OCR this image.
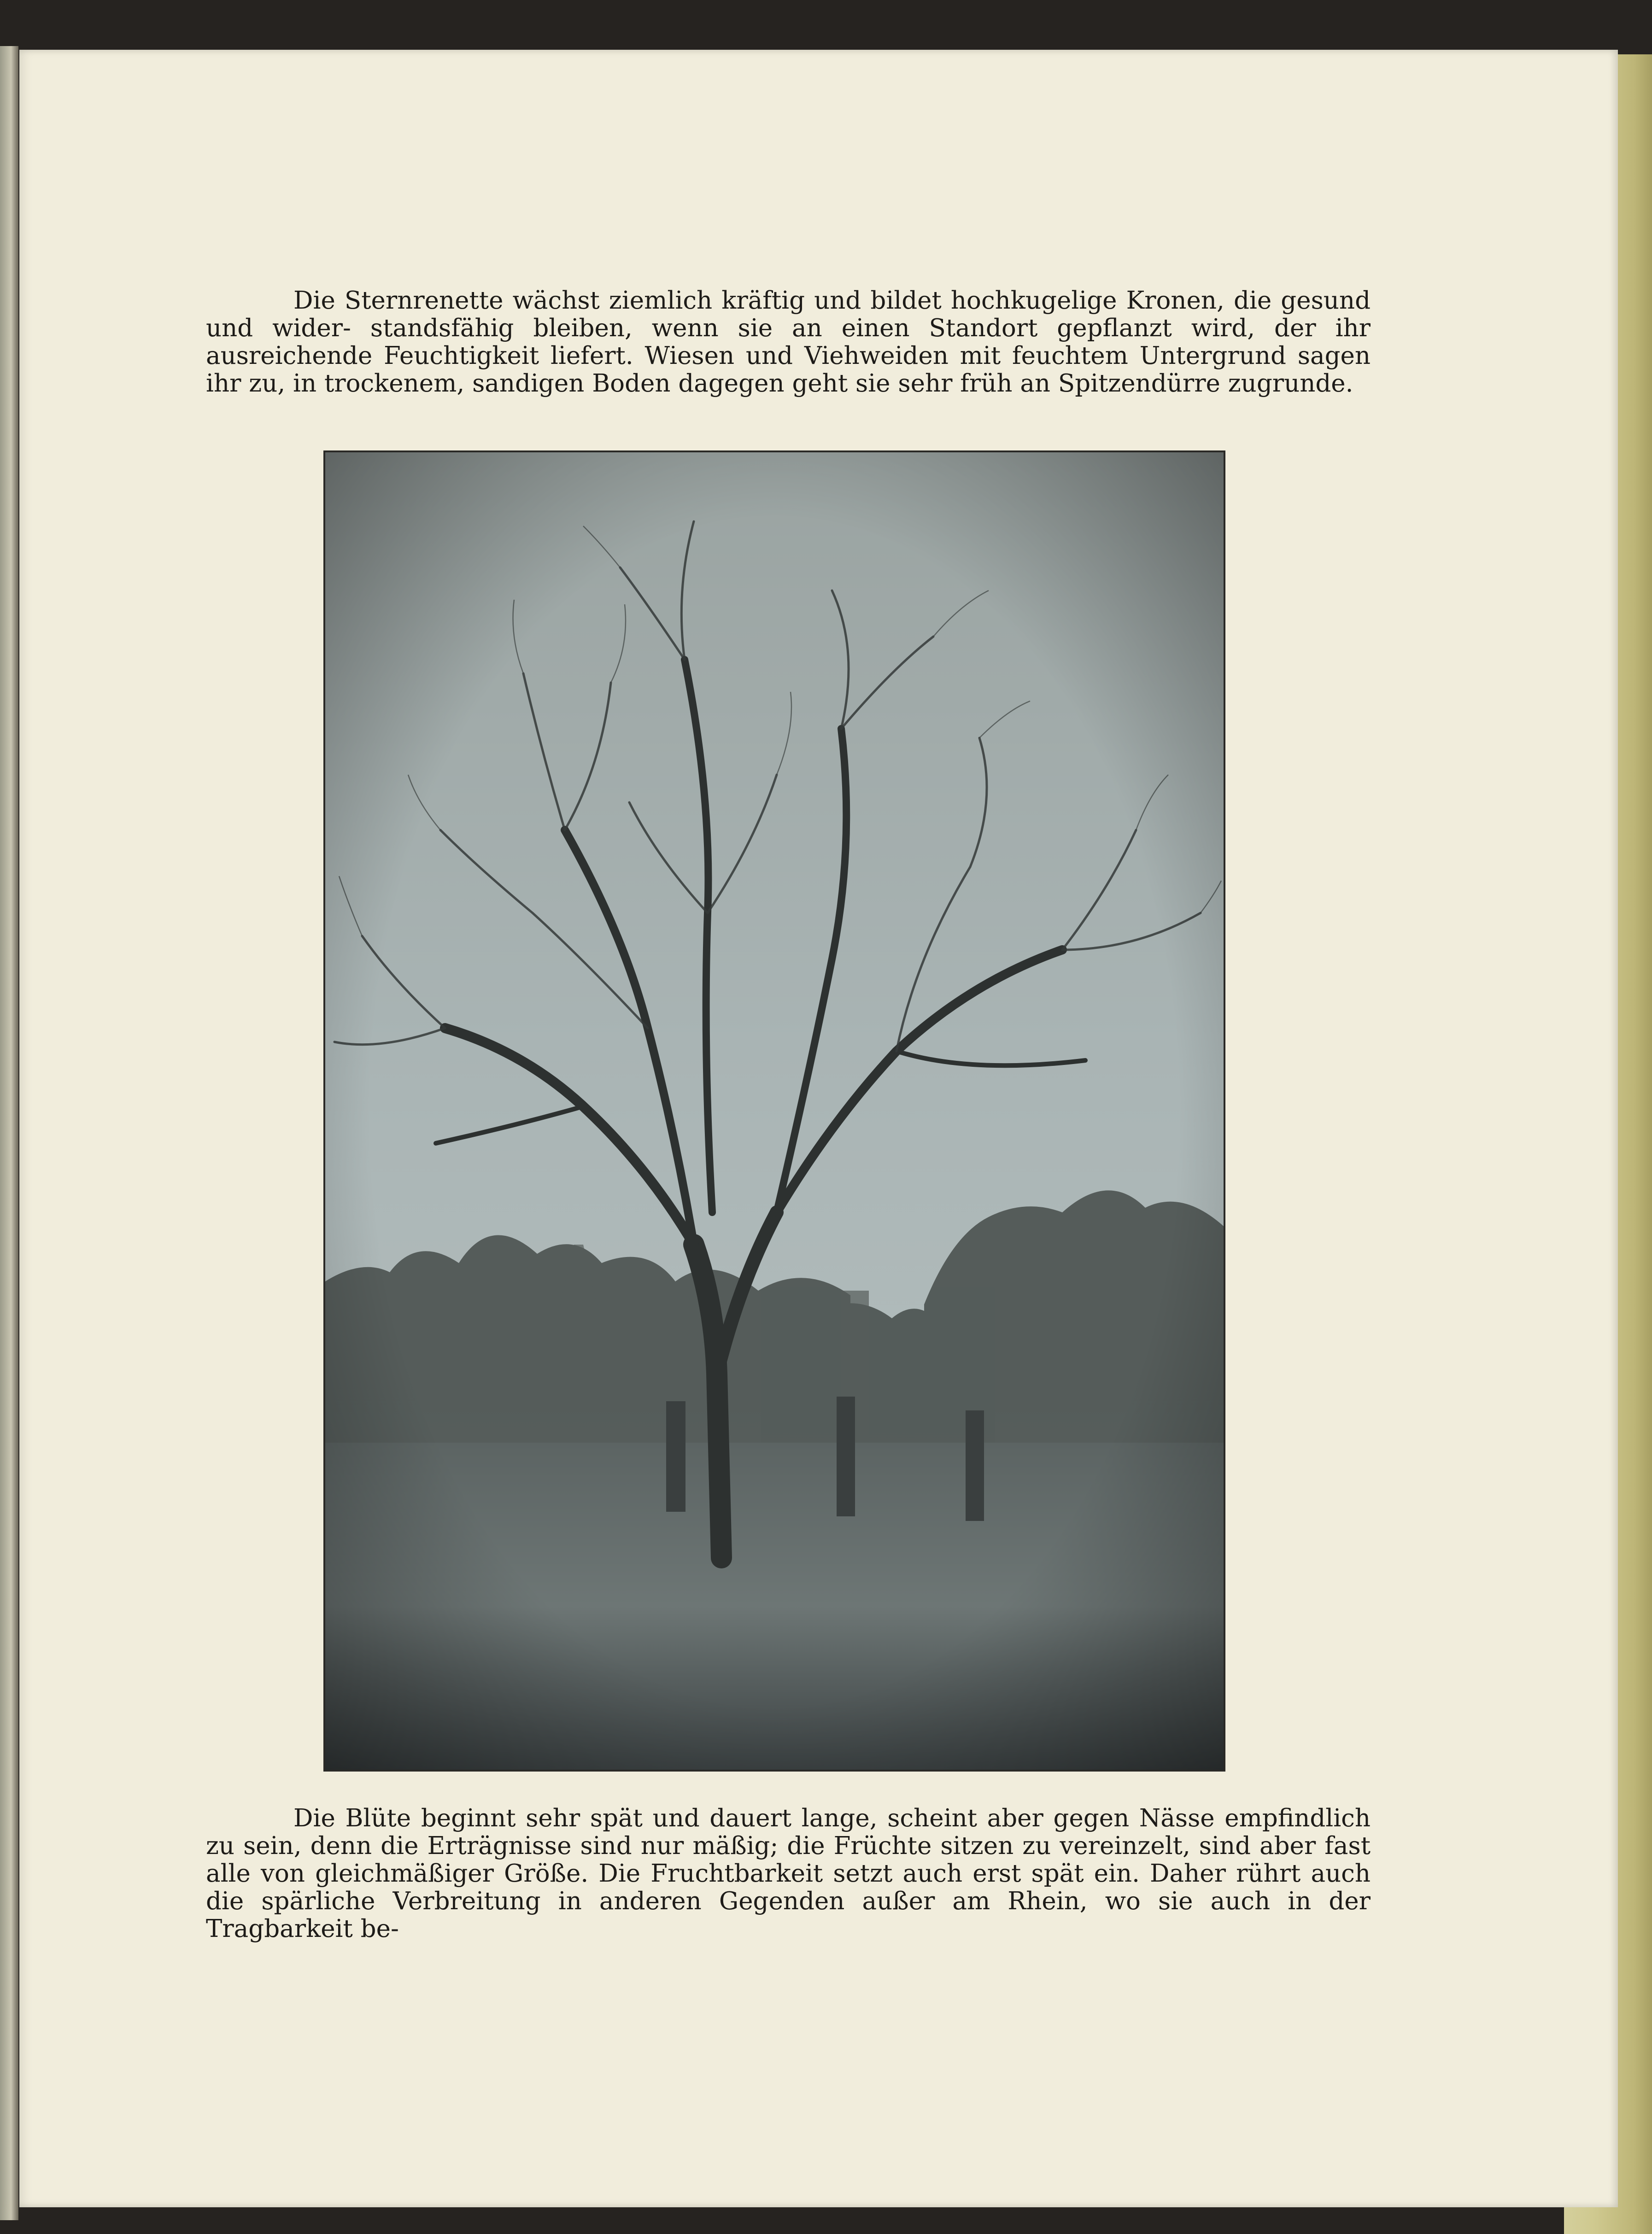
Die Sternrenette wächst ziemlich kräftig und bildet hochkugelige Kronen, die gesund und wider- standsfähig bleiben, wenn sie an einen Standort gepflanzt wird, der ihr ausreichende Feuchtigkeit liefert. Wiesen und Viehweiden mit feuchtem Untergrund sagen ihr zu, in trockenem, sandigen Boden dagegen geht sie sehr früh an Spitzendürre zugrunde.

Die Blüte beginnt sehr spät und dauert lange, scheint aber gegen Nässe empfindlich zu sein, denn die Erträgnisse sind nur mäßig; die Früchte sitzen zu vereinzelt, sind aber fast alle von gleichmäßiger Größe. Die Fruchtbarkeit setzt auch erst spät ein. Daher rührt auch die spärliche Verbreitung in anderen Gegenden außer am Rhein, wo sie auch in der Tragbarkeit be-
